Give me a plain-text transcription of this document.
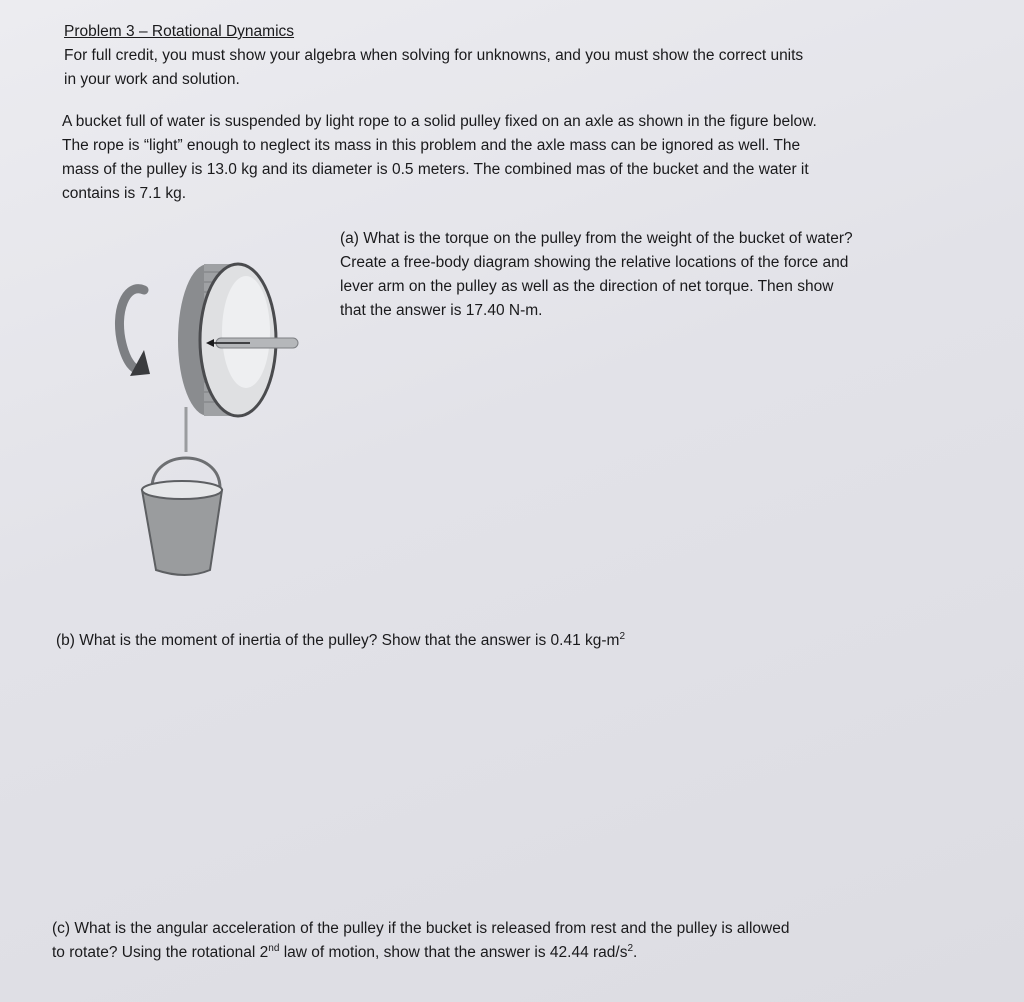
Problem 3 – Rotational Dynamics

For full credit, you must show your algebra when solving for unknowns, and you must show the correct units
in your work and solution.

A bucket full of water is suspended by light rope to a solid pulley fixed on an axle as shown in the figure below.
The rope is “light” enough to neglect its mass in this problem and the axle mass can be ignored as well. The
mass of the pulley is 13.0 kg and its diameter is 0.5 meters. The combined mas of the bucket and the water it
contains is 7.1 kg.

(a) What is the torque on the pulley from the weight of the bucket of water?
Create a free-body diagram showing the relative locations of the force and
lever arm on the pulley as well as the direction of net torque. Then show
that the answer is 17.40 N-m.

(b) What is the moment of inertia of the pulley? Show that the answer is 0.41 $kg-m^2$

(c) What is the angular acceleration of the pulley if the bucket is released from rest and the pulley is allowed
to rotate? Using the rotational 2nd law of motion, show that the answer is 42.44 rad/$s^2$.
